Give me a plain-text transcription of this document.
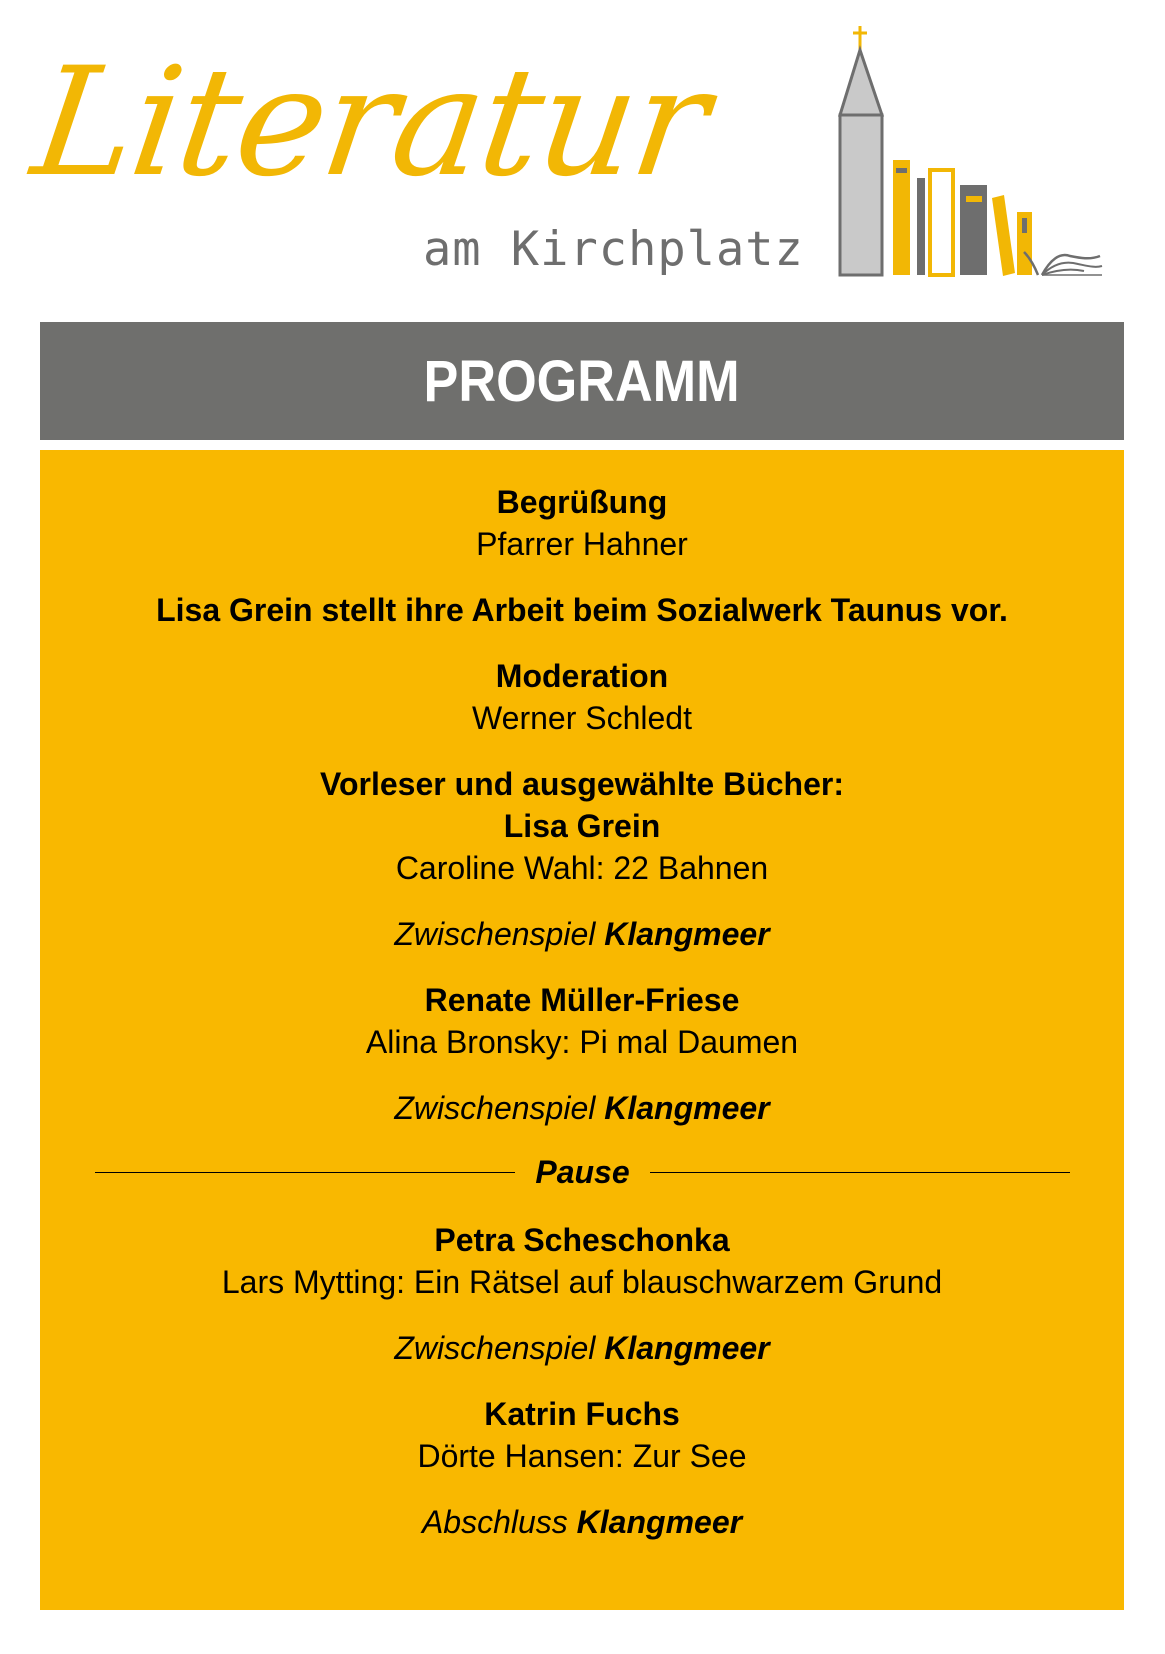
Literatur
am Kirchplatz
PROGRAMM
Begrüßung
Pfarrer Hahner
Lisa Grein stellt ihre Arbeit beim Sozialwerk Taunus vor.
Moderation
Werner Schledt
Vorleser und ausgewählte Bücher:
Lisa Grein
Caroline Wahl: 22 Bahnen
Zwischenspiel Klangmeer
Renate Müller-Friese
Alina Bronsky: Pi mal Daumen
Zwischenspiel Klangmeer
Pause
Petra Scheschonka
Lars Mytting: Ein Rätsel auf blauschwarzem Grund
Zwischenspiel Klangmeer
Katrin Fuchs
Dörte Hansen: Zur See
Abschluss Klangmeer
